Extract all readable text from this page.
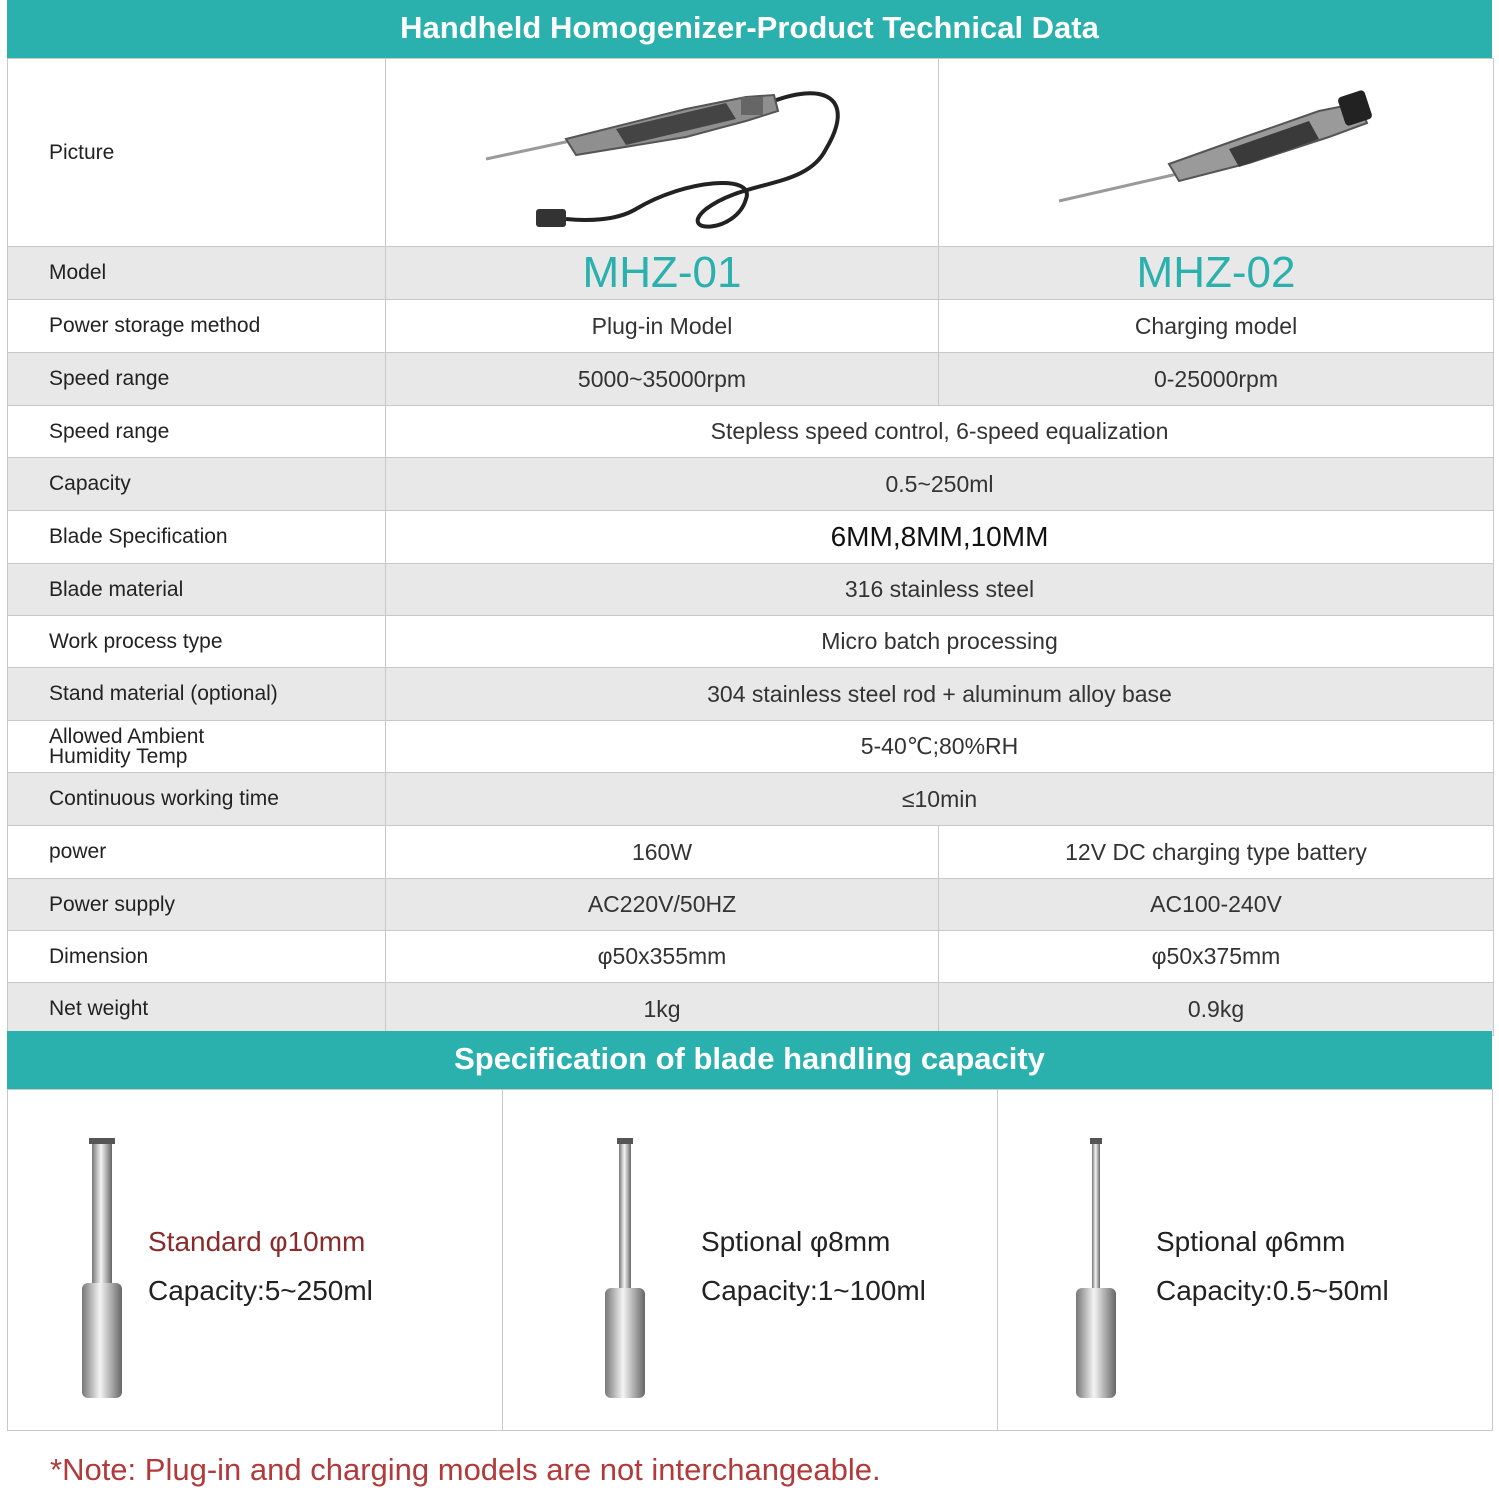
Handheld Homogenizer-Product Technical Data
Picture		
Model	MHZ-01	MHZ-02
Power storage method	Plug-in Model	Charging model
Speed range	5000~35000rpm	0-25000rpm
Speed range	Stepless speed control, 6-speed equalization	
Capacity	0.5~250ml	
Blade Specification	6MM,8MM,10MM	
Blade material	316 stainless steel	
Work process type	Micro batch processing	
Stand material (optional)	304 stainless steel rod + aluminum alloy base	
Allowed Ambient
Humidity Temp	5-40℃;80%RH	
Continuous working time	≤10min	
power	160W	12V DC charging type battery
Power supply	AC220V/50HZ	AC100-240V
Dimension	φ50x355mm	φ50x375mm
Net weight	1kg	0.9kg
Specification of blade handling capacity
Standard φ10mm
Capacity:5~250ml
Sptional φ8mm
Capacity:1~100ml
Sptional φ6mm
Capacity:0.5~50ml
*Note: Plug-in and charging models are not interchangeable.
